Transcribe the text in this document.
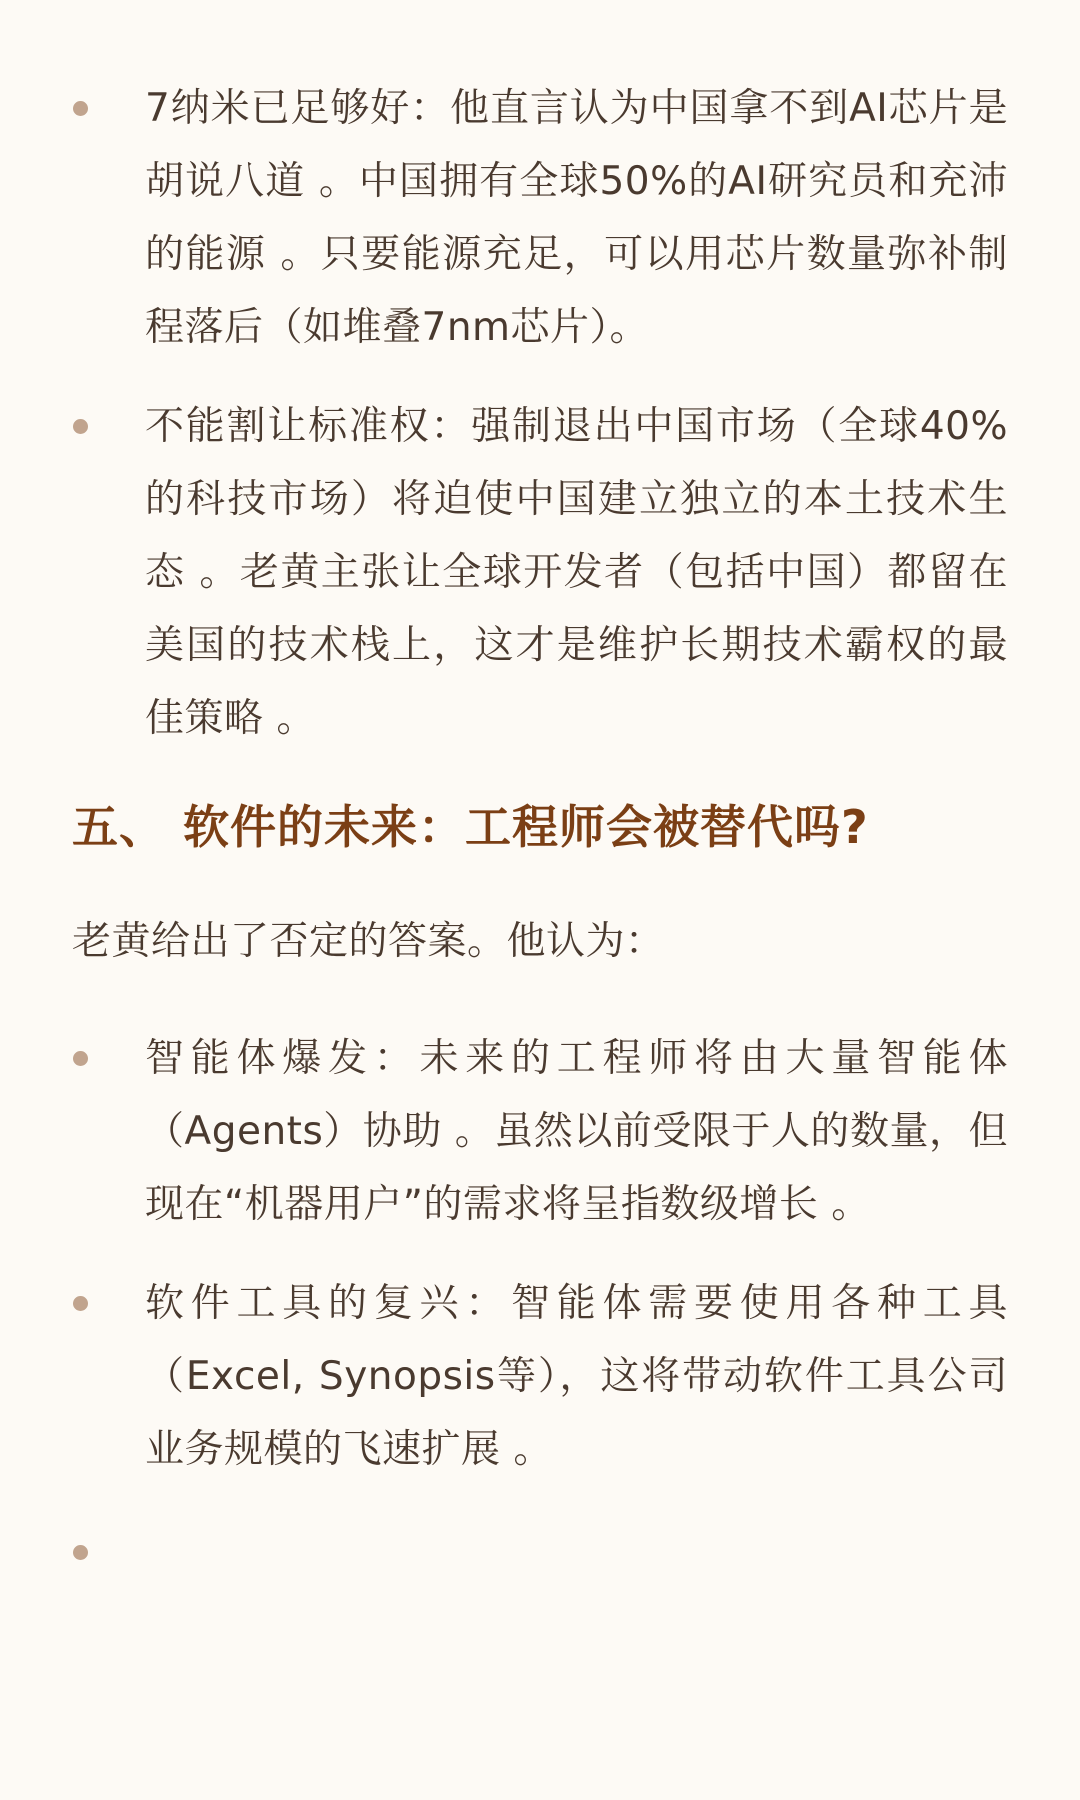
7纳米已足够好：他直言认为中国拿不到AI芯片是胡说八道 。中国拥有全球50%的AI研究员和充沛的能源 。只要能源充足，可以用芯片数量弥补制程落后（如堆叠7nm芯片）。
不能割让标准权：强制退出中国市场（全球40%的科技市场）将迫使中国建立独立的本土技术生态 。老黄主张让全球开发者（包括中国）都留在美国的技术栈上，这才是维护长期技术霸权的最佳策略 。
五、 软件的未来：工程师会被替代吗?

老黄给出了否定的答案。他认为：

智能体爆发：未来的工程师将由大量智能体（Agents）协助 。虽然以前受限于人的数量，但现在“机器用户”的需求将呈指数级增长 。
软件工具的复兴：智能体需要使用各种工具（Excel, Synopsis等），这将带动软件工具公司业务规模的飞速扩展 。
